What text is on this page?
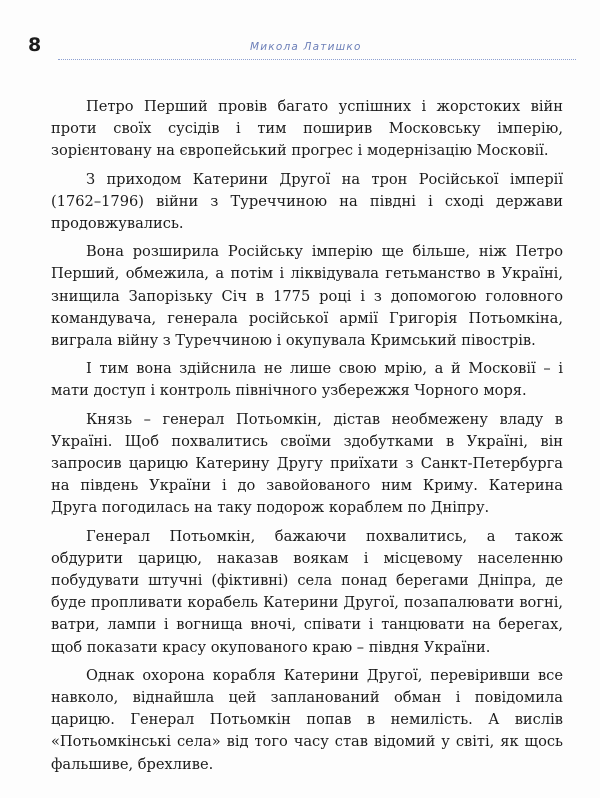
8	Микола Латишко

Петро Перший провів багато успішних і жорстоких війн проти своїх сусідів і тим поширив Московську імперію, зорієнтовану на європейський прогрес і модернізацію Московії.

З приходом Катерини Другої на трон Російської імперії (1762–1796) війни з Туреччиною на півдні і сході держави продовжувались.

Вона розширила Російську імперію ще більше, ніж Петро Перший, обмежила, а потім і ліквідувала гетьманство в Україні, знищила Запорізьку Січ в 1775 році і з допомогою головного командувача, генерала російської армії Григорія Потьомкіна, виграла війну з Туреччиною і окупувала Кримський півострів.

І тим вона здійснила не лише свою мрію, а й Московії – і мати доступ і контроль північного узбережжя Чорного моря.

Князь – генерал Потьомкін, дістав необмежену владу в Україні. Щоб похвалитись своїми здобутками в Україні, він запросив царицю Катерину Другу приїхати з Санкт-Петербурга на південь України і до завойованого ним Криму. Катерина Друга погодилась на таку подорож кораблем по Дніпру.

Генерал Потьомкін, бажаючи похвалитись, а також обдурити царицю, наказав воякам і місцевому населенню побудувати штучні (фіктивні) села понад берегами Дніпра, де буде пропливати корабель Катерини Другої, позапалювати вогні, ватри, лампи і вогнища вночі, співати і танцювати на берегах, щоб показати красу окупованого краю – півдня України.

Однак охорона корабля Катерини Другої, перевіривши все навколо, віднайшла цей запланований обман і повідомила царицю. Генерал Потьомкін попав в немилість. А вислів «Потьомкінські села» від того часу став відомий у світі, як щось фальшиве, брехливе.
